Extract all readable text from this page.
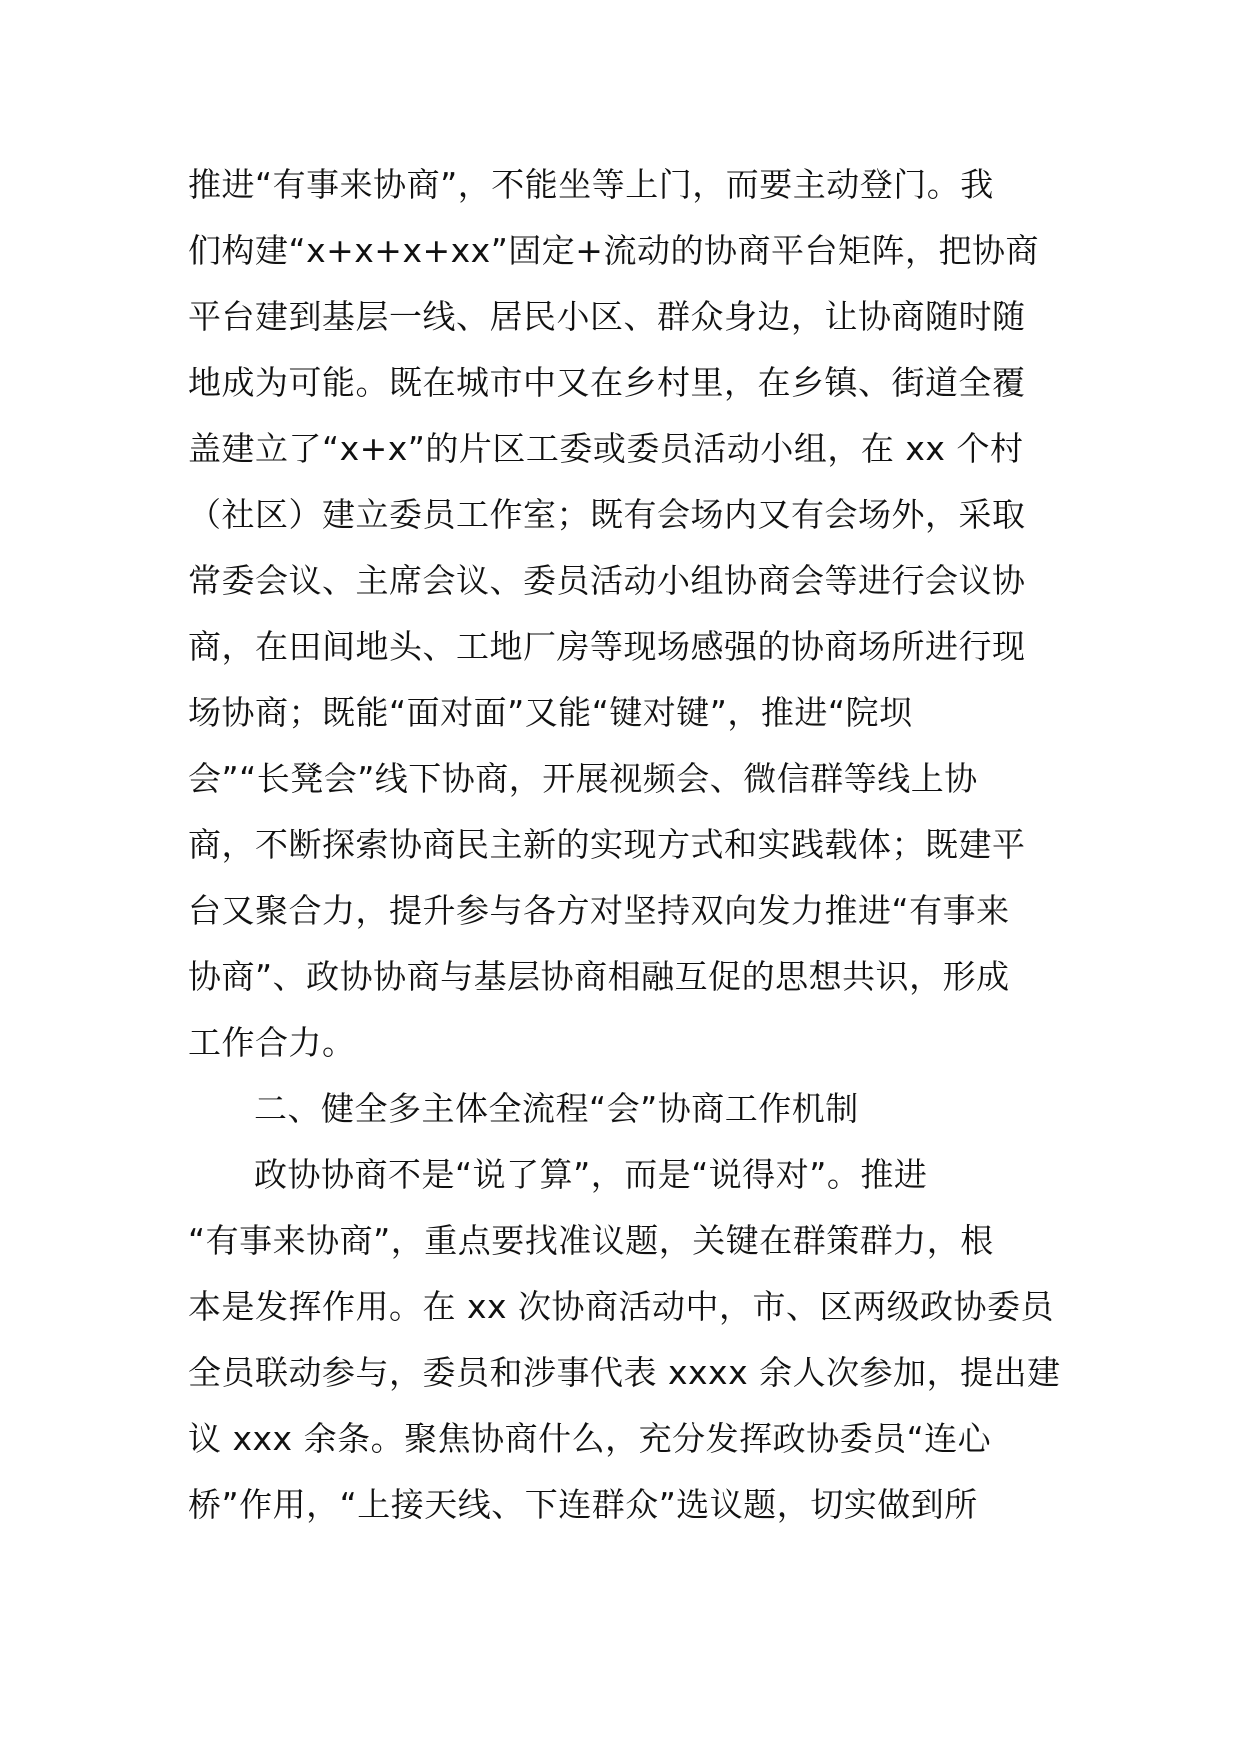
推进“有事来协商”，不能坐等上门，而要主动登门。我
们构建“x+x+x+xx”固定+流动的协商平台矩阵，把协商
平台建到基层一线、居民小区、群众身边，让协商随时随
地成为可能。既在城市中又在乡村里，在乡镇、街道全覆
盖建立了“x+x”的片区工委或委员活动小组，在 xx 个村
（社区）建立委员工作室；既有会场内又有会场外，采取
常委会议、主席会议、委员活动小组协商会等进行会议协
商，在田间地头、工地厂房等现场感强的协商场所进行现
场协商；既能“面对面”又能“键对键”，推进“院坝
会”“长凳会”线下协商，开展视频会、微信群等线上协
商，不断探索协商民主新的实现方式和实践载体；既建平
台又聚合力，提升参与各方对坚持双向发力推进“有事来
协商”、政协协商与基层协商相融互促的思想共识，形成
工作合力。
二、健全多主体全流程“会”协商工作机制
政协协商不是“说了算”，而是“说得对”。推进
“有事来协商”，重点要找准议题，关键在群策群力，根
本是发挥作用。在 xx 次协商活动中，市、区两级政协委员
全员联动参与，委员和涉事代表 xxxx 余人次参加，提出建
议 xxx 余条。聚焦协商什么，充分发挥政协委员“连心
桥”作用，“上接天线、下连群众”选议题，切实做到所
